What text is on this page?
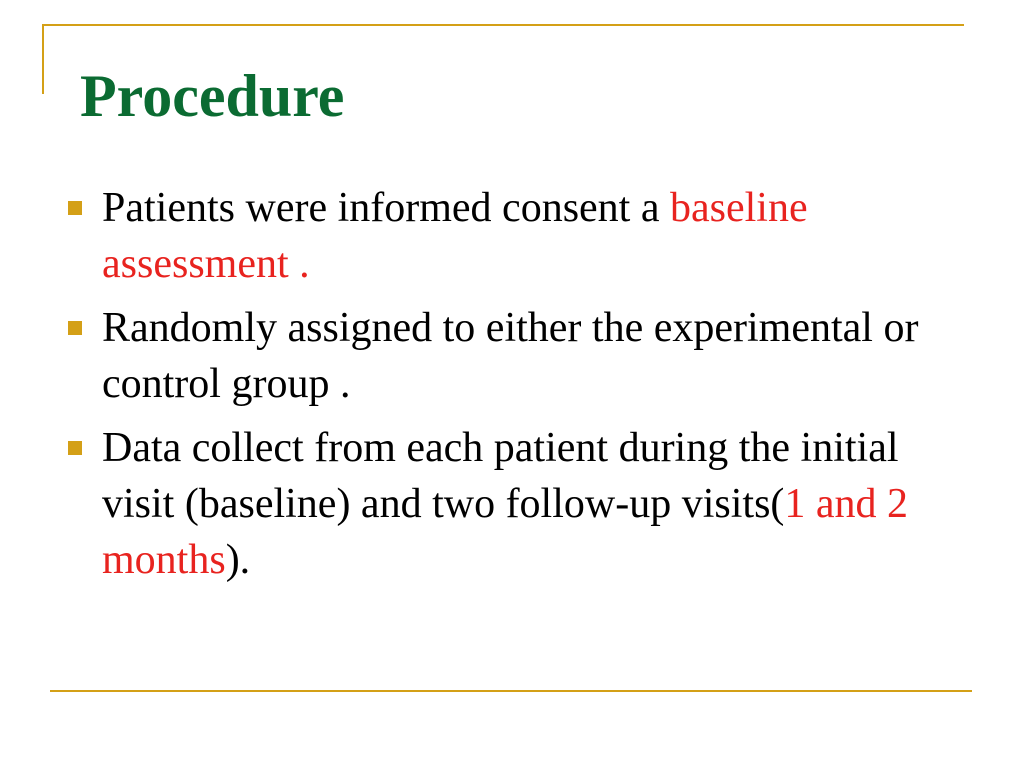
Procedure
Patients were informed consent a baseline assessment .
Randomly assigned to either the experimental or control group .
Data collect from each patient during the initial visit (baseline) and two follow-up visits(1 and 2 months).
